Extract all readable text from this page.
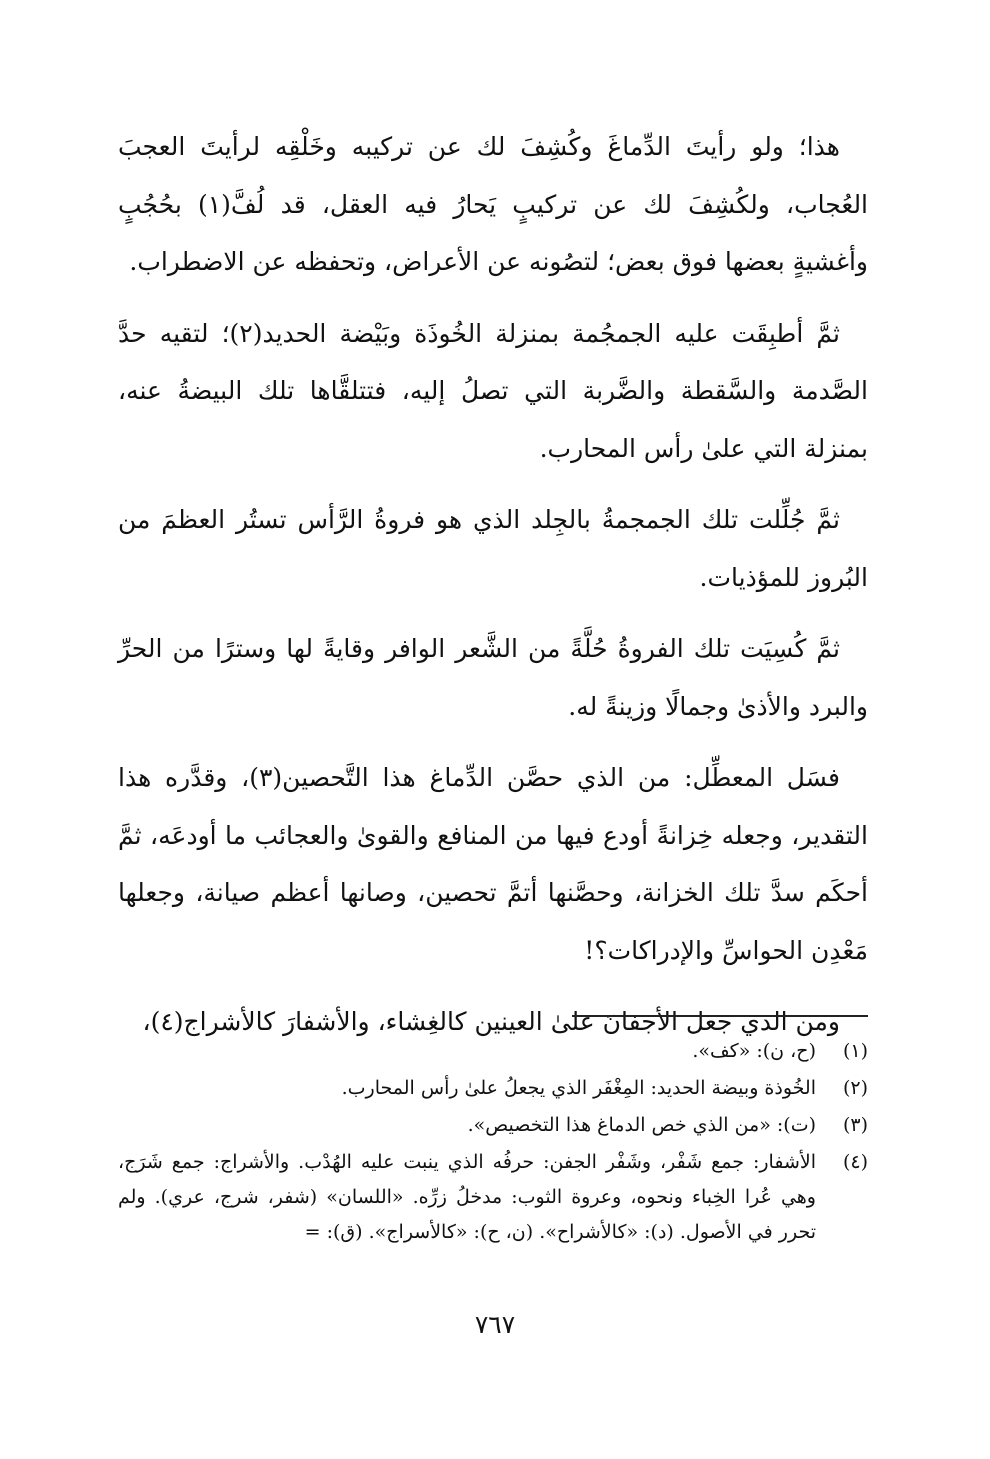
هذا؛ ولو رأيتَ الدِّماغَ وكُشِفَ لك عن تركيبه وخَلْقِه لرأيتَ العجبَ العُجاب، ولكُشِفَ لك عن تركيبٍ يَحارُ فيه العقل، قد لُفَّ(١) بحُجُبٍ وأغشيةٍ بعضها فوق بعض؛ لتصُونه عن الأعراض، وتحفظه عن الاضطراب.

ثمَّ أطبِقَت عليه الجمجُمة بمنزلة الخُوذَة وبَيْضة الحديد(٢)؛ لتقيه حدَّ الصَّدمة والسَّقطة والضَّربة التي تصلُ إليه، فتتلقَّاها تلك البيضةُ عنه، بمنزلة التي علىٰ رأس المحارب.

ثمَّ جُلِّلت تلك الجمجمةُ بالجِلد الذي هو فروةُ الرَّأس تستُر العظمَ من البُروز للمؤذيات.

ثمَّ كُسِيَت تلك الفروةُ حُلَّةً من الشَّعر الوافر وقايةً لها وسترًا من الحرِّ والبرد والأذىٰ وجمالًا وزينةً له.

فسَل المعطِّل: من الذي حصَّن الدِّماغ هذا التَّحصين(٣)، وقدَّره هذا التقدير، وجعله خِزانةً أودع فيها من المنافع والقوىٰ والعجائب ما أودعَه، ثمَّ أحكَم سدَّ تلك الخزانة، وحصَّنها أتمَّ تحصين، وصانها أعظم صيانة، وجعلها مَعْدِن الحواسِّ والإدراكات؟!

ومن الذي جعل الأجفانَ علىٰ العينين كالغِشاء، والأشفارَ كالأشراج(٤)،

(١)
(ح، ن): «كف».
(٢)
الخُوذة وبيضة الحديد: المِغْفَر الذي يجعلُ علىٰ رأس المحارب.
(٣)
(ت): «من الذي خص الدماغ هذا التخصيص».
(٤)
الأشفار: جمع شَفْر، وشَفْر الجفن: حرفُه الذي ينبت عليه الهُدْب. والأشراج: جمع شَرَج، وهي عُرا الخِباء ونحوه، وعروة الثوب: مدخلُ زرِّه. «اللسان» (شفر، شرج، عري). ولم تحرر في الأصول. (د): «كالأشراح». (ن، ح): «كالأسراج». (ق): =
٧٦٧
